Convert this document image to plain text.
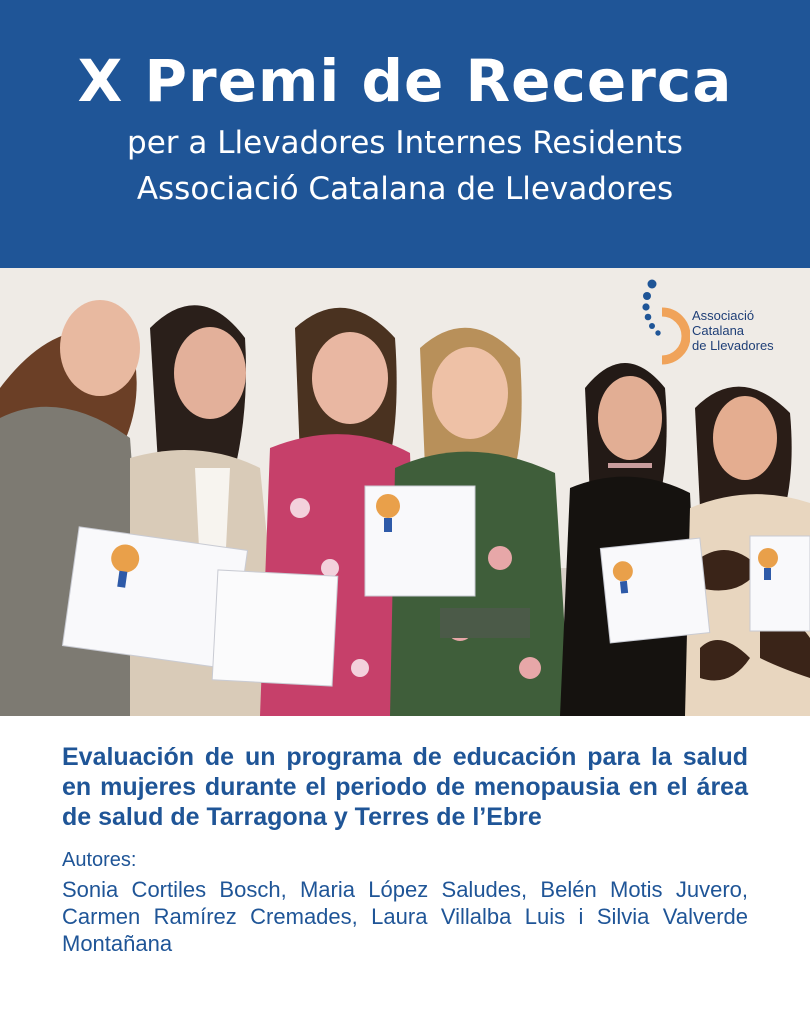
X Premi de Recerca

per a Llevadores Internes Residents

Associació Catalana de Llevadores

Associació
Catalana
de Llevadores

Evaluación de un programa de educación para la salud en mujeres durante el periodo de menopausia en el área de salud de Tarragona y Terres de l’Ebre

Autores:

Sonia Cortiles Bosch, Maria López Saludes, Belén Motis Juvero, Carmen Ramírez Cremades, Laura Villalba Luis i Silvia Valverde Montañana
